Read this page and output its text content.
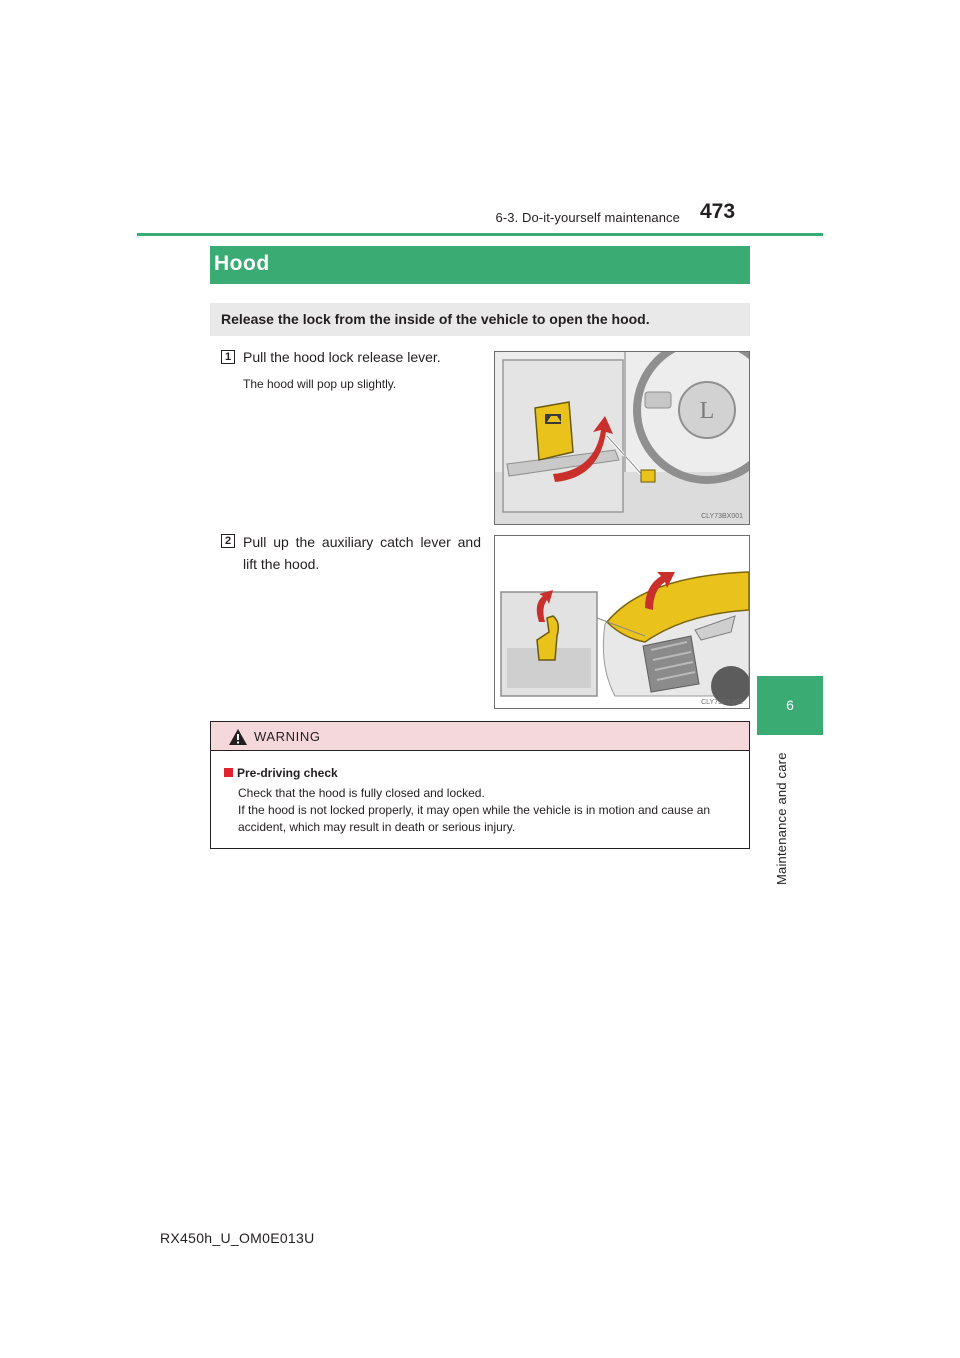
6-3. Do-it-yourself maintenance 473
6
Maintenance and care
Hood
Release the lock from the inside of the vehicle to open the hood.
1 Pull the hood lock release lever.
The hood will pop up slightly.
L
CLY73BX001
2 Pull up the auxiliary catch lever and lift the hood.
CLY73BX002
WARNING
Pre-driving check
Check that the hood is fully closed and locked.
If the hood is not locked properly, it may open while the vehicle is in motion and cause an accident, which may result in death or serious injury.
RX450h_U_OM0E013U
